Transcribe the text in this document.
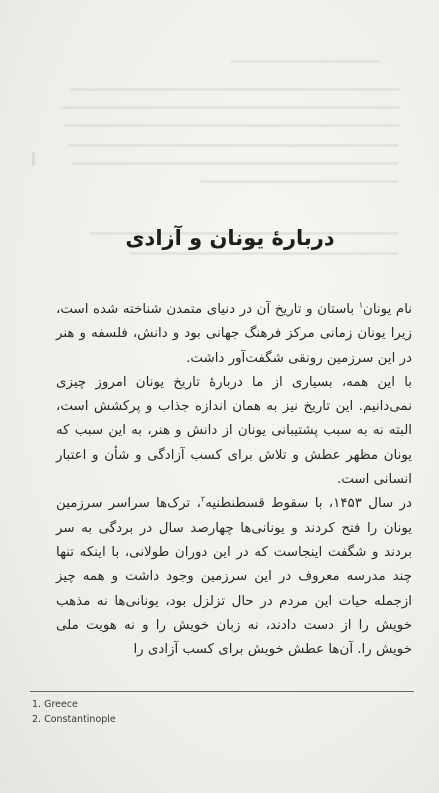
دربارهٔ یونان و آزادی

نام یونان$^۱$ باستان و تاریخ آن در دنیای متمدن شناخته شده است، زیرا یونان زمانی مرکز فرهنگ جهانی بود و دانش، فلسفه و هنر در این سرزمین رونقی شگفت‌آور داشت.

با این همه، بسیاری از ما دربارهٔ تاریخ یونان امروز چیزی نمی‌دانیم. این تاریخ نیز به همان اندازه جذاب و پرکشش است، البته نه به سبب پشتیبانی یونان از دانش و هنر، به این سبب که یونان مظهر عطش و تلاش برای کسب آزادگی و شأن و اعتبار انسانی است.

در سال ۱۴۵۳، با سقوط قسطنطنیه$^۲$، ترک‌ها سراسر سرزمین یونان را فتح کردند و یونانی‌ها چهارصد سال در بردگی به سر بردند و شگفت اینجاست که در این دوران طولانی، با اینکه تنها چند مدرسه معروف در این سرزمین وجود داشت و همه چیز ازجمله حیات این مردم در حال تزلزل بود، یونانی‌ها نه مذهب خویش را از دست دادند، نه زبان خویش را و نه هویت ملی خویش را. آن‌ها عطش خویش برای کسب آزادی را

1. Greece
2. Constantinople
